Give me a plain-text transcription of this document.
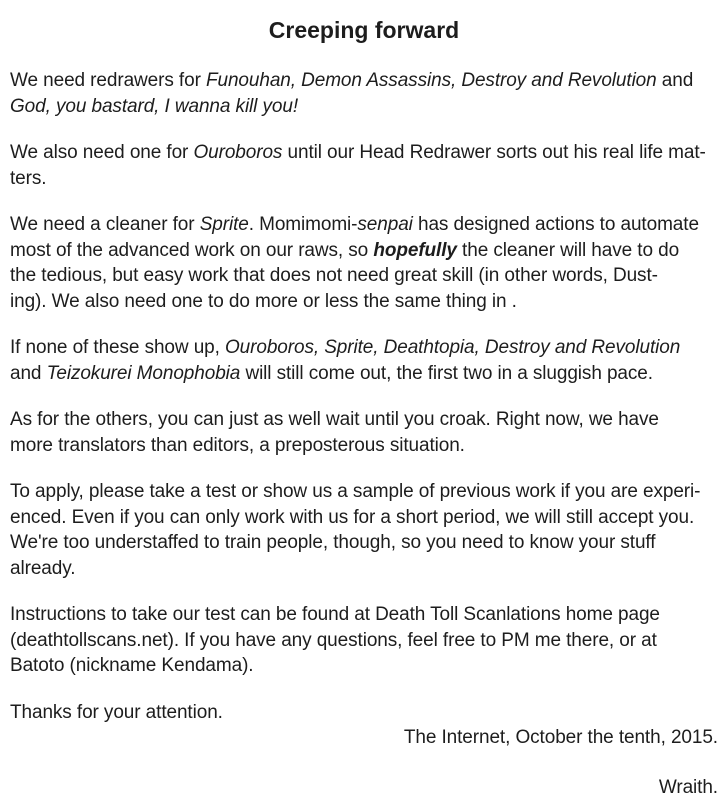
Creeping forward
We need redrawers for Funouhan, Demon Assassins, Destroy and Revolution and
God, you bastard, I wanna kill you!
We also need one for Ouroboros until our Head Redrawer sorts out his real life mat-
ters.
We need a cleaner for Sprite. Momimomi-senpai has designed actions to automate
most of the advanced work on our raws, so hopefully the cleaner will have to do
the tedious, but easy work that does not need great skill (in other words, Dust-
ing). We also need one to do more or less the same thing in .
If none of these show up, Ouroboros, Sprite, Deathtopia, Destroy and Revolution
and Teizokurei Monophobia will still come out, the first two in a sluggish pace.
As for the others, you can just as well wait until you croak. Right now, we have
more translators than editors, a preposterous situation.
To apply, please take a test or show us a sample of previous work if you are experi-
enced. Even if you can only work with us for a short period, we will still accept you.
We're too understaffed to train people, though, so you need to know your stuff
already.
Instructions to take our test can be found at Death Toll Scanlations home page
(deathtollscans.net). If you have any questions, feel free to PM me there, or at
Batoto (nickname Kendama).
Thanks for your attention.
The Internet, October the tenth, 2015.
Wraith.
